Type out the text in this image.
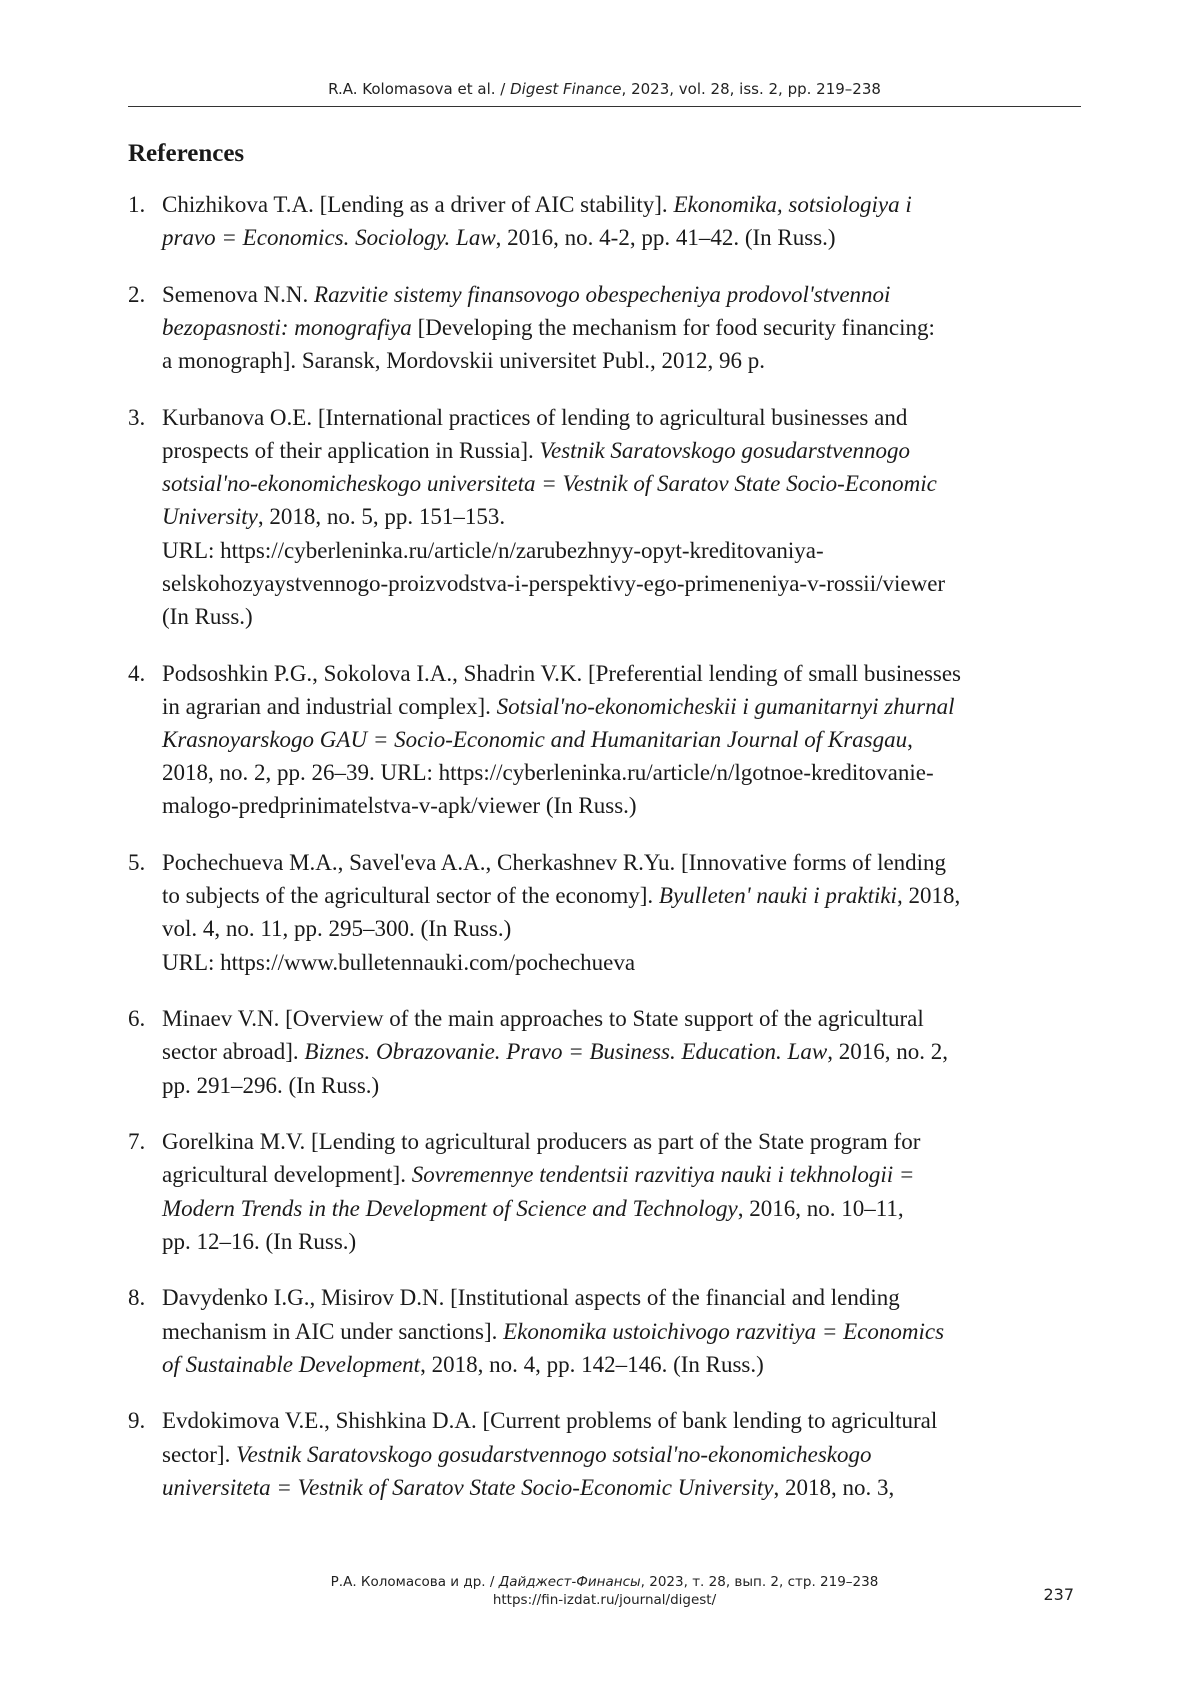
R.A. Kolomasova et al. / Digest Finance, 2023, vol. 28, iss. 2, pp. 219–238
References
1. Chizhikova T.A. [Lending as a driver of AIC stability]. Ekonomika, sotsiologiya i
pravo = Economics. Sociology. Law, 2016, no. 4-2, pp. 41–42. (In Russ.)
2. Semenova N.N. Razvitie sistemy finansovogo obespecheniya prodovol'stvennoi
bezopasnosti: monografiya [Developing the mechanism for food security financing:
a monograph]. Saransk, Mordovskii universitet Publ., 2012, 96 p.
3. Kurbanova O.E. [International practices of lending to agricultural businesses and
prospects of their application in Russia]. Vestnik Saratovskogo gosudarstvennogo
sotsial'no-ekonomicheskogo universiteta = Vestnik of Saratov State Socio-Economic
University, 2018, no. 5, pp. 151–153.
URL: https://cyberleninka.ru/article/n/zarubezhnyy-opyt-kreditovaniya-
selskohozyaystvennogo-proizvodstva-i-perspektivy-ego-primeneniya-v-rossii/viewer
(In Russ.)
4. Podsoshkin P.G., Sokolova I.A., Shadrin V.K. [Preferential lending of small businesses
in agrarian and industrial complex]. Sotsial'no-ekonomicheskii i gumanitarnyi zhurnal
Krasnoyarskogo GAU = Socio-Economic and Humanitarian Journal of Krasgau,
2018, no. 2, pp. 26–39. URL: https://cyberleninka.ru/article/n/lgotnoe-kreditovanie-
malogo-predprinimatelstva-v-apk/viewer (In Russ.)
5. Pochechueva M.A., Savel'eva A.A., Cherkashnev R.Yu. [Innovative forms of lending
to subjects of the agricultural sector of the economy]. Byulleten' nauki i praktiki, 2018,
vol. 4, no. 11, pp. 295–300. (In Russ.)
URL: https://www.bulletennauki.com/pochechueva
6. Minaev V.N. [Overview of the main approaches to State support of the agricultural
sector abroad]. Biznes. Obrazovanie. Pravo = Business. Education. Law, 2016, no. 2,
pp. 291–296. (In Russ.)
7. Gorelkina M.V. [Lending to agricultural producers as part of the State program for
agricultural development]. Sovremennye tendentsii razvitiya nauki i tekhnologii =
Modern Trends in the Development of Science and Technology, 2016, no. 10–11,
pp. 12–16. (In Russ.)
8. Davydenko I.G., Misirov D.N. [Institutional aspects of the financial and lending
mechanism in AIC under sanctions]. Ekonomika ustoichivogo razvitiya = Economics
of Sustainable Development, 2018, no. 4, pp. 142–146. (In Russ.)
9. Evdokimova V.E., Shishkina D.A. [Current problems of bank lending to agricultural
sector]. Vestnik Saratovskogo gosudarstvennogo sotsial'no-ekonomicheskogo
universiteta = Vestnik of Saratov State Socio-Economic University, 2018, no. 3,
Р.А. Коломасова и др. / Дайджест-Финансы, 2023, т. 28, вып. 2, стр. 219–238
https://fin-izdat.ru/journal/digest/	237
